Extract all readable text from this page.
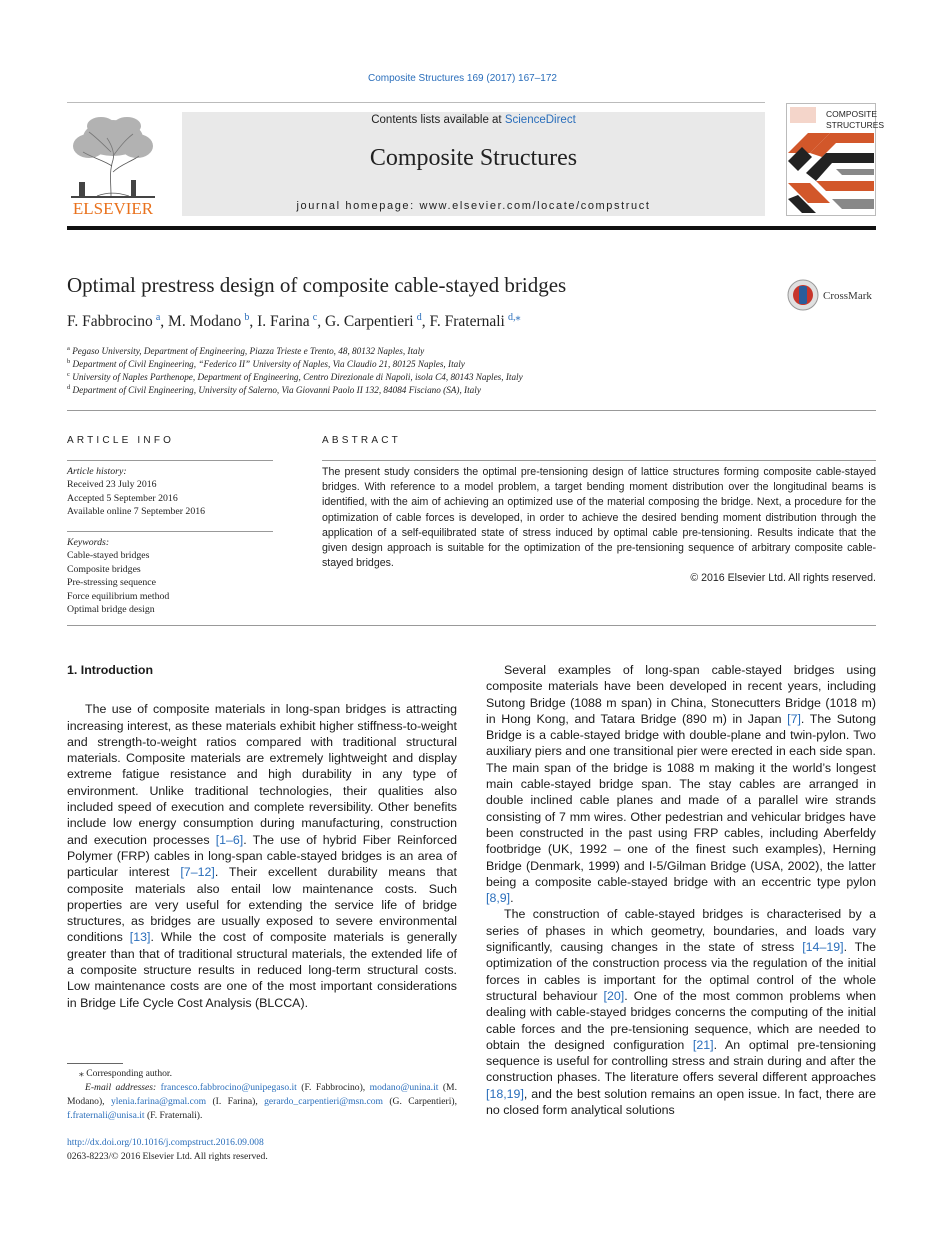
Composite Structures 169 (2017) 167–172
ELSEVIER
Contents lists available at ScienceDirect
Composite Structures
journal homepage: www.elsevier.com/locate/compstruct
COMPOSITE
STRUCTURES
Optimal prestress design of composite cable-stayed bridges	CrossMark
F. Fabbrocino  $^a$, M. Modano  $^b$, I. Farina  $^c$, G. Carpentieri  $^d$, F. Fraternali  $^{d,⁎}$
$^a$ Pegaso University, Department of Engineering, Piazza Trieste e Trento, 48, 80132 Naples, Italy
$^b$ Department of Civil Engineering, “Federico II” University of Naples, Via Claudio 21, 80125 Naples, Italy
$^c$ University of Naples Parthenope, Department of Engineering, Centro Direzionale di Napoli, isola C4, 80143 Naples, Italy
$^d$ Department of Civil Engineering, University of Salerno, Via Giovanni Paolo II 132, 84084 Fisciano (SA), Italy
ARTICLE INFO
Article history:
Received 23 July 2016
Accepted 5 September 2016
Available online 7 September 2016
Keywords:
Cable-stayed bridges
Composite bridges
Pre-stressing sequence
Force equilibrium method
Optimal bridge design
ABSTRACT
The present study considers the optimal pre-tensioning design of lattice structures forming composite cable-stayed bridges. With reference to a model problem, a target bending moment distribution over the longitudinal beams is identified, with the aim of achieving an optimized use of the material composing the bridge. Next, a procedure for the optimization of cable forces is developed, in order to achieve the desired bending moment distribution through the application of a self-equilibrated state of stress induced by optimal cable pre-tensioning. Results indicate that the given design approach is suitable for the optimization of the pre-tensioning sequence of arbitrary composite cable-stayed bridges.
© 2016 Elsevier Ltd. All rights reserved.
1. Introduction

The use of composite materials in long-span bridges is attracting increasing interest, as these materials exhibit higher stiffness-to-weight and strength-to-weight ratios compared with traditional structural materials. Composite materials are extremely lightweight and display extreme fatigue resistance and high durability in any type of environment. Unlike traditional technologies, their qualities also included speed of execution and complete reversibility. Other benefits include low energy consumption during manufacturing, construction and execution processes [1–6]. The use of hybrid Fiber Reinforced Polymer (FRP) cables in long-span cable-stayed bridges is an area of particular interest [7–12]. Their excellent durability means that composite materials also entail low maintenance costs. Such properties are very useful for extending the service life of bridge structures, as bridges are usually exposed to severe environmental conditions [13]. While the cost of composite materials is generally greater than that of traditional structural materials, the extended life of a composite structure results in reduced long-term structural costs. Low maintenance costs are one of the most important considerations in Bridge Life Cycle Cost Analysis (BLCCA).

Several examples of long-span cable-stayed bridges using composite materials have been developed in recent years, including Sutong Bridge (1088 m span) in China, Stonecutters Bridge (1018 m) in Hong Kong, and Tatara Bridge (890 m) in Japan [7]. The Sutong Bridge is a cable-stayed bridge with double-plane and twin-pylon. Two auxiliary piers and one transitional pier were erected in each side span. The main span of the bridge is 1088 m making it the world’s longest main cable-stayed bridge span. The stay cables are arranged in double inclined cable planes and made of a parallel wire strands consisting of 7 mm wires. Other pedestrian and vehicular bridges have been constructed in the past using FRP cables, including Aberfeldy footbridge (UK, 1992 – one of the finest such examples), Herning Bridge (Denmark, 1999) and I-5/Gilman Bridge (USA, 2002), the latter being a composite cable-stayed bridge with an eccentric type pylon [8,9].

The construction of cable-stayed bridges is characterised by a series of phases in which geometry, boundaries, and loads vary significantly, causing changes in the state of stress [14–19]. The optimization of the construction process via the regulation of the initial forces in cables is important for the optimal control of the whole structural behaviour [20]. One of the most common problems when dealing with cable-stayed bridges concerns the computing of the initial cable forces and the pre-tensioning sequence, which are needed to obtain the designed configuration [21]. An optimal pre-tensioning sequence is useful for controlling stress and strain during and after the construction phases. The literature offers several different approaches [18,19], and the best solution remains an open issue. In fact, there are no closed form analytical solutions

⁎ Corresponding author.
E-mail addresses: francesco.fabbrocino@unipegaso.it (F. Fabbrocino), modano@unina.it (M. Modano), ylenia.farina@gmal.com (I. Farina), gerardo_carpentieri@msn.com (G. Carpentieri), f.fraternali@unisa.it (F. Fraternali).
http://dx.doi.org/10.1016/j.compstruct.2016.09.008
0263-8223/© 2016 Elsevier Ltd. All rights reserved.
